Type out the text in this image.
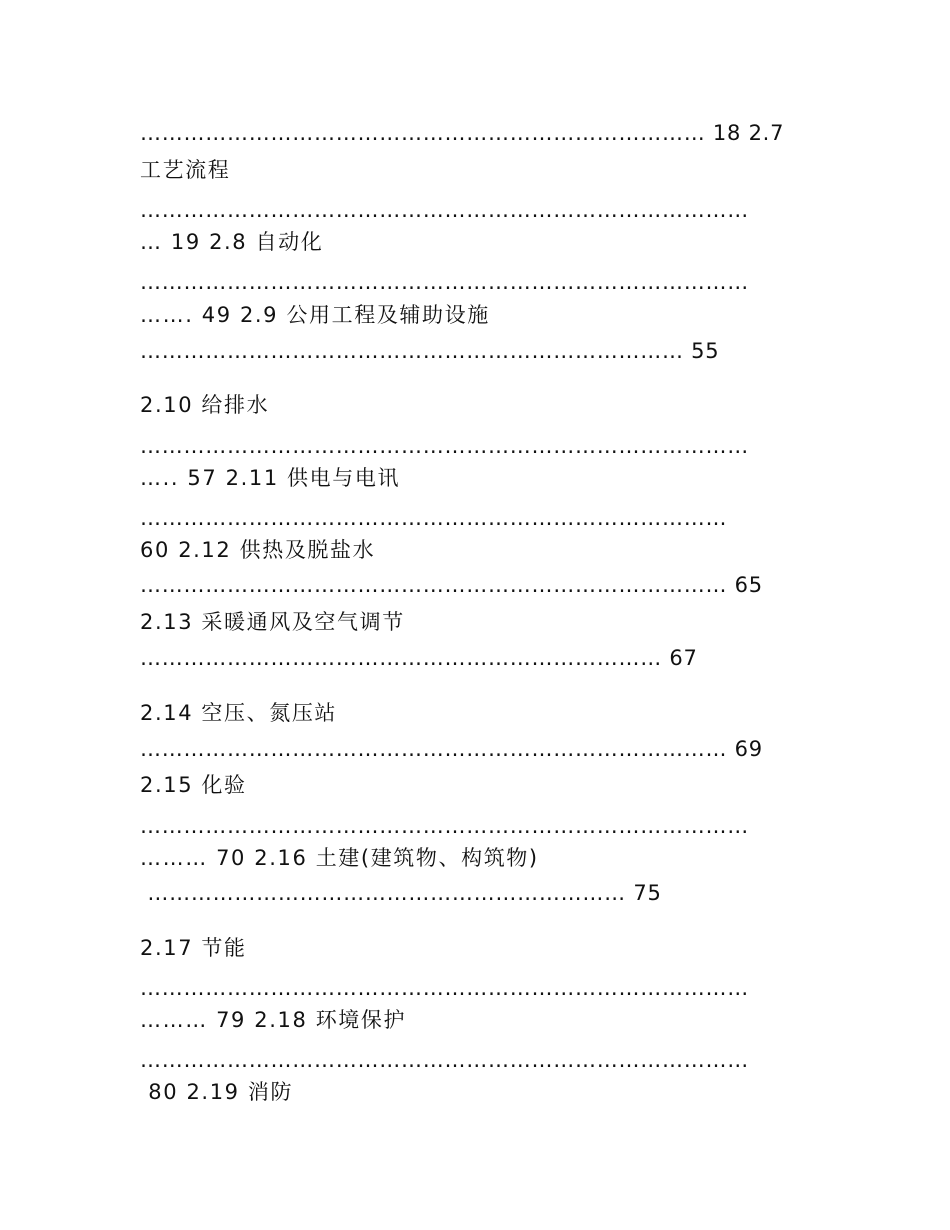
…………………………………………………………………… 18 2.7
工艺流程
…………………………………………………………………………
… 19 2.8 自动化
…………………………………………………………………………
……. 49 2.9 公用工程及辅助设施
………………………………………………………………… 55
2.10 给排水
…………………………………………………………………………
….. 57 2.11 供电与电讯
………………………………………………………………………
60 2.12 供热及脱盐水
……………………………………………………………………… 65
2.13 采暖通风及空气调节
……………………………………………………………… 67
2.14 空压、氮压站
……………………………………………………………………… 69
2.15 化验
…………………………………………………………………………
……… 70 2.16 土建(建筑物、构筑物)
………………………………………………………… 75
2.17 节能
…………………………………………………………………………
……… 79 2.18 环境保护
…………………………………………………………………………
80 2.19 消防
